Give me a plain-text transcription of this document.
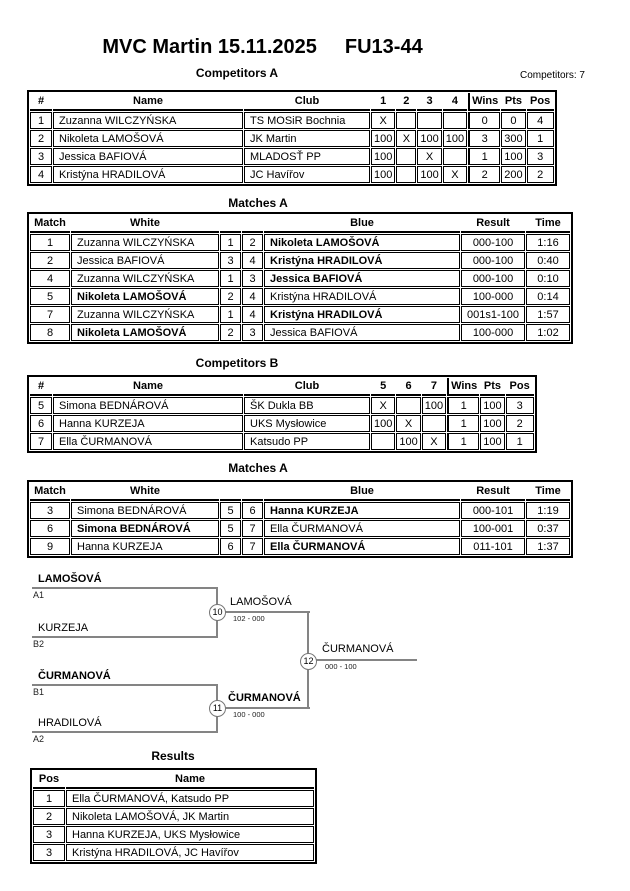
MVC Martin 15.11.2025 FU13-44
Competitors: 7
Competitors A
#	Name	Club	1	2	3	4	Wins	Pts	Pos
1	Zuzanna WILCZYŃSKA	TS MOSiR Bochnia	X				0	0	4
2	Nikoleta LAMOŠOVÁ	JK Martin	100	X	100	100	3	300	1
3	Jessica BAFIOVÁ	MLADOSŤ PP	100		X		1	100	3
4	Kristýna HRADILOVÁ	JC Havířov	100		100	X	2	200	2
Matches A
Match	White			Blue	Result	Time
1	Zuzanna WILCZYŃSKA	1	2	Nikoleta LAMOŠOVÁ	000-100	1:16
2	Jessica BAFIOVÁ	3	4	Kristýna HRADILOVÁ	000-100	0:40
4	Zuzanna WILCZYŃSKA	1	3	Jessica BAFIOVÁ	000-100	0:10
5	Nikoleta LAMOŠOVÁ	2	4	Kristýna HRADILOVÁ	100-000	0:14
7	Zuzanna WILCZYŃSKA	1	4	Kristýna HRADILOVÁ	001s1-100	1:57
8	Nikoleta LAMOŠOVÁ	2	3	Jessica BAFIOVÁ	100-000	1:02
Competitors B
#	Name	Club	5	6	7	Wins	Pts	Pos
5	Simona BEDNÁROVÁ	ŠK Dukla BB	X		100	1	100	3
6	Hanna KURZEJA	UKS Mysłowice	100	X		1	100	2
7	Ella ČURMANOVÁ	Katsudo PP		100	X	1	100	1
Matches A
Match	White			Blue	Result	Time
3	Simona BEDNÁROVÁ	5	6	Hanna KURZEJA	000-101	1:19
6	Simona BEDNÁROVÁ	5	7	Ella ČURMANOVÁ	100-001	0:37
9	Hanna KURZEJA	6	7	Ella ČURMANOVÁ	011-101	1:37
LAMOŠOVÁ
A1
KURZEJA
B2
ČURMANOVÁ
B1
HRADILOVÁ
A2
10
LAMOŠOVÁ
102 - 000
11
ČURMANOVÁ
100 - 000
12
ČURMANOVÁ
000 - 100
Results
Pos	Name
1	Ella ČURMANOVÁ, Katsudo PP
2	Nikoleta LAMOŠOVÁ, JK Martin
3	Hanna KURZEJA, UKS Mysłowice
3	Kristýna HRADILOVÁ, JC Havířov
